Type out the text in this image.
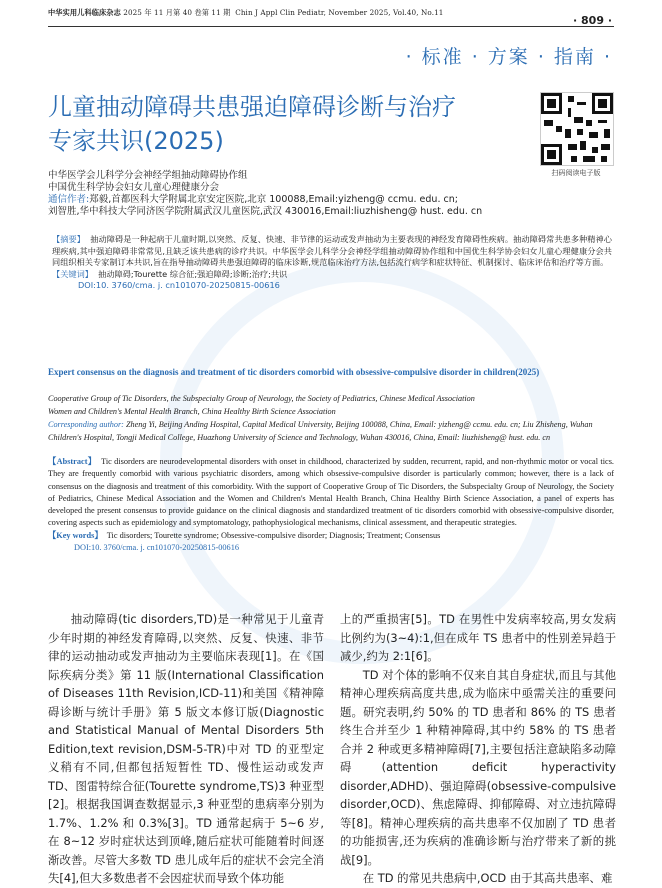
中华实用儿科临床杂志 2025 年 11 月第 40 卷第 11 期 Chin J Appl Clin Pediatr, November 2025, Vol.40, No.11
· 809 ·
· 标准 · 方案 · 指南 ·
儿童抽动障碍共患强迫障碍诊断与治疗
专家共识(2025)
扫码阅读电子版
中华医学会儿科学分会神经学组抽动障碍协作组
中国优生科学协会妇女儿童心理健康分会
通信作者:郑毅,首都医科大学附属北京安定医院,北京 100088,Email:yizheng@ ccmu. edu. cn;
刘智胜,华中科技大学同济医学院附属武汉儿童医院,武汉 430016,Email:liuzhisheng@ hust. edu. cn
【摘要】 抽动障碍是一种起病于儿童时期,以突然、反复、快速、非节律的运动或发声抽动为主要表现的神经发育障碍性疾病。抽动障碍常共患多种精神心理疾病,其中强迫障碍非常常见,且缺乏该共患病的诊疗共识。中华医学会儿科学分会神经学组抽动障碍协作组和中国优生科学协会妇女儿童心理健康分会共同组织相关专家制订本共识,旨在指导抽动障碍共患强迫障碍的临床诊断,规范临床治疗方法,包括流行病学和症状特征、机制探讨、临床评估和治疗等方面。
【关键词】 抽动障碍;Tourette 综合征;强迫障碍;诊断;治疗;共识
DOI:10. 3760/cma. j. cn101070-20250815-00616
Expert consensus on the diagnosis and treatment of tic disorders comorbid with obsessive-compulsive disorder in children(2025)
Cooperative Group of Tic Disorders, the Subspecialty Group of Neurology, the Society of Pediatrics, Chinese Medical Association
Women and Children's Mental Health Branch, China Healthy Birth Science Association
Corresponding author: Zheng Yi, Beijing Anding Hospital, Capital Medical University, Beijing 100088, China, Email: yizheng@ ccmu. edu. cn; Liu Zhisheng, Wuhan Children's Hospital, Tongji Medical College, Huazhong University of Science and Technology, Wuhan 430016, China, Email: liuzhisheng@ hust. edu. cn
【Abstract】 Tic disorders are neurodevelopmental disorders with onset in childhood, characterized by sudden, recurrent, rapid, and non-rhythmic motor or vocal tics. They are frequently comorbid with various psychiatric disorders, among which obsessive-compulsive disorder is particularly common; however, there is a lack of consensus on the diagnosis and treatment of this comorbidity. With the support of Cooperative Group of Tic Disorders, the Subspecialty Group of Neurology, the Society of Pediatrics, Chinese Medical Association and the Women and Children's Mental Health Branch, China Healthy Birth Science Association, a panel of experts has developed the present consensus to provide guidance on the clinical diagnosis and standardized treatment of tic disorders comorbid with obsessive-compulsive disorder, covering aspects such as epidemiology and symptomatology, pathophysiological mechanisms, clinical assessment, and therapeutic strategies.
【Key words】 Tic disorders; Tourette syndrome; Obsessive-compulsive disorder; Diagnosis; Treatment; Consensus
DOI:10. 3760/cma. j. cn101070-20250815-00616

抽动障碍(tic disorders,TD)是一种常见于儿童青少年时期的神经发育障碍,以突然、反复、快速、非节律的运动抽动或发声抽动为主要临床表现[1]。在《国际疾病分类》第 11 版(International Classification of Diseases 11th Revision,ICD-11)和美国《精神障碍诊断与统计手册》第 5 版文本修订版(Diagnostic and Statistical Manual of Mental Disorders 5th Edition,text revision,DSM-5-TR)中对 TD 的亚型定义稍有不同,但都包括短暂性 TD、慢性运动或发声 TD、图雷特综合征(Tourette syndrome,TS)3 种亚型[2]。根据我国调查数据显示,3 种亚型的患病率分别为 1.7%、1.2% 和 0.3%[3]。TD 通常起病于 5~6 岁,在 8~12 岁时症状达到顶峰,随后症状可能随着时间逐渐改善。尽管大多数 TD 患儿成年后的症状不会完全消失[4],但大多数患者不会因症状而导致个体功能

上的严重损害[5]。TD 在男性中发病率较高,男女发病比例约为(3~4):1,但在成年 TS 患者中的性别差异趋于减少,约为 2:1[6]。

TD 对个体的影响不仅来自其自身症状,而且与其他精神心理疾病高度共患,成为临床中亟需关注的重要问题。研究表明,约 50% 的 TD 患者和 86% 的 TS 患者终生合并至少 1 种精神障碍,其中约 58% 的 TS 患者合并 2 种或更多精神障碍[7],主要包括注意缺陷多动障碍(attention deficit hyperactivity disorder,ADHD)、强迫障碍(obsessive-compulsive disorder,OCD)、焦虑障碍、抑郁障碍、对立违抗障碍等[8]。精神心理疾病的高共患率不仅加剧了 TD 患者的功能损害,还为疾病的准确诊断与治疗带来了新的挑战[9]。

在 TD 的常见共患病中,OCD 由于其高共患率、难
